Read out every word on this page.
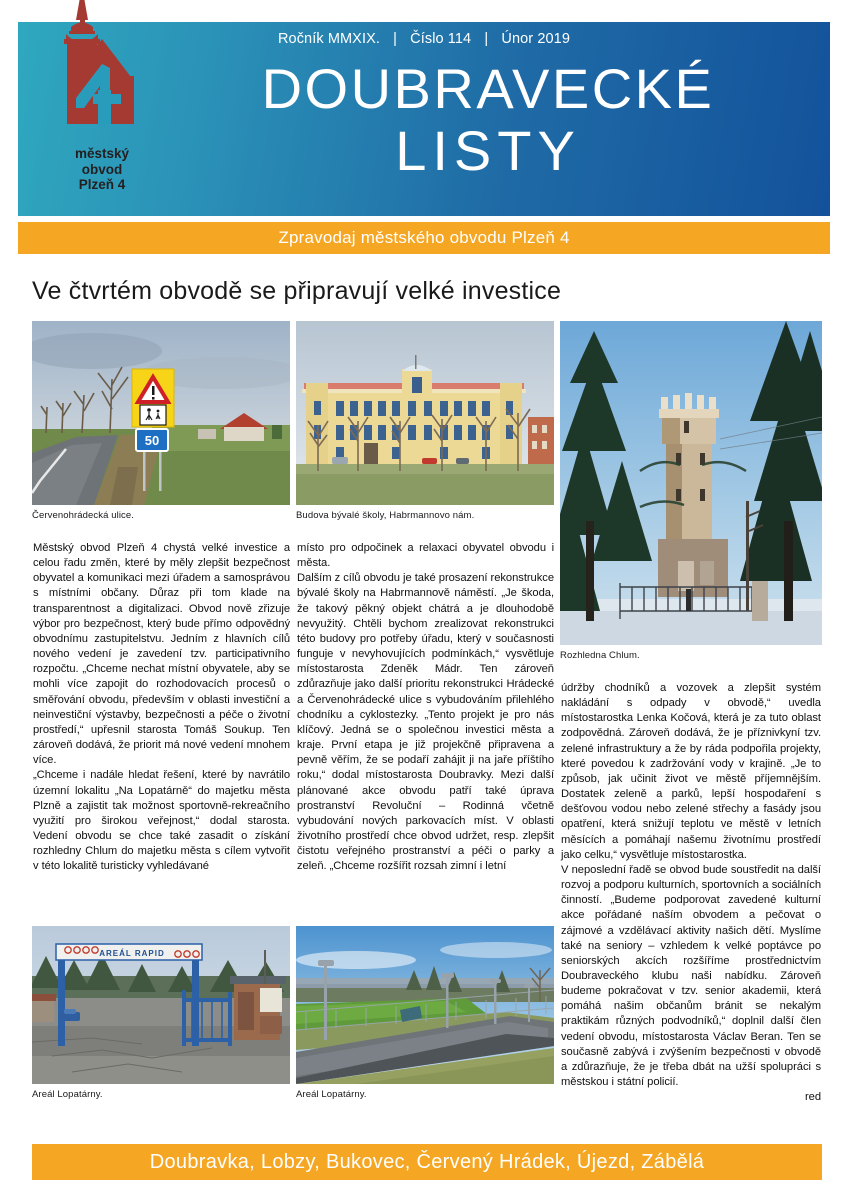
Ročník MMXIX. | Číslo 114 | Únor 2019
DOUBRAVECKÉ
LISTY
městský
obvod
Plzeň 4
Zpravodaj městského obvodu Plzeň 4
Ve čtvrtém obvodě se připravují velké investice
50
Červenohrádecká ulice.	Budova bývalé školy, Habrmannovo nám.
Rozhledna Chlum.
AREÁL RAPID
Areál Lopatárny.	Areál Lopatárny.

Městský obvod Plzeň 4 chystá velké investice a celou řadu změn, které by měly zlepšit bezpečnost obyvatel a komunikaci mezi úřadem a samosprávou s místními občany. Důraz při tom klade na transparentnost a digitalizaci. Obvod nově zřizuje výbor pro bezpečnost, který bude přímo odpovědný obvodnímu zastupitelstvu. Jedním z hlavních cílů nového vedení je zavedení tzv. participativního rozpočtu. „Chceme nechat místní obyvatele, aby se mohli více zapojit do rozhodovacích procesů o směřování obvodu, především v oblasti investiční a neinvestiční výstavby, bezpečnosti a péče o životní prostředí,“ upřesnil starosta Tomáš Soukup. Ten zároveň dodává, že priorit má nové vedení mnohem více.

„Chceme i nadále hledat řešení, které by navrátilo územní lokalitu „Na Lopatárně“ do majetku města Plzně a zajistit tak možnost sportovně-rekreačního využití pro širokou veřejnost,“ dodal starosta. Vedení obvodu se chce také zasadit o získání rozhledny Chlum do majetku města s cílem vytvořit v této lokalitě turisticky vyhledávané

místo pro odpočinek a relaxaci obyvatel obvodu i města.

Dalším z cílů obvodu je také prosazení rekonstrukce bývalé školy na Habrmannově náměstí. „Je škoda, že takový pěkný objekt chátrá a je dlouhodobě nevyužitý. Chtěli bychom zrealizovat rekonstrukci této budovy pro potřeby úřadu, který v současnosti funguje v nevyhovujících podmínkách,“ vysvětluje místostarosta Zdeněk Mádr. Ten zároveň zdůrazňuje jako další prioritu rekonstrukci Hrádecké a Červenohrádecké ulice s vybudováním přilehlého chodníku a cyklostezky. „Tento projekt je pro nás klíčový. Jedná se o společnou investici města a kraje. První etapa je již projekčně připravena a pevně věřím, že se podaří zahájit ji na jaře příštího roku,“ dodal místostarosta Doubravky. Mezi další plánované akce obvodu patří také úprava prostranství Revoluční – Rodinná včetně vybudování nových parkovacích míst. V oblasti životního prostředí chce obvod udržet, resp. zlepšit čistotu veřejného prostranství a péči o parky a zeleň. „Chceme rozšířit rozsah zimní i letní

údržby chodníků a vozovek a zlepšit systém nakládání s odpady v obvodě,“ uvedla místostarostka Lenka Kočová, která je za tuto oblast zodpovědná. Zároveň dodává, že je příznivkyní tzv. zelené infrastruktury a že by ráda podpořila projekty, které povedou k zadržování vody v krajině. „Je to způsob, jak učinit život ve městě příjemnějším. Dostatek zeleně a parků, lepší hospodaření s dešťovou vodou nebo zelené střechy a fasády jsou opatření, která snižují teplotu ve městě v letních měsících a pomáhají našemu životnímu prostředí jako celku,“ vysvětluje místostarostka.

V neposlední řadě se obvod bude soustředit na další rozvoj a podporu kulturních, sportovních a sociálních činností. „Budeme podporovat zavedené kulturní akce pořádané naším obvodem a pečovat o zájmové a vzdělávací aktivity našich dětí. Myslíme také na seniory – vzhledem k velké poptávce po seniorských akcích rozšíříme prostřednictvím Doubraveckého klubu naši nabídku. Zároveň budeme pokračovat v tzv. senior akademii, která pomáhá našim občanům bránit se nekalým praktikám různých podvodníků,“ doplnil další člen vedení obvodu, místostarosta Václav Beran. Ten se současně zabývá i zvýšením bezpečnosti v obvodě a zdůrazňuje, že je třeba dbát na užší spolupráci s městskou i státní policií.

red

Doubravka, Lobzy, Bukovec, Červený Hrádek, Újezd, Zábělá
